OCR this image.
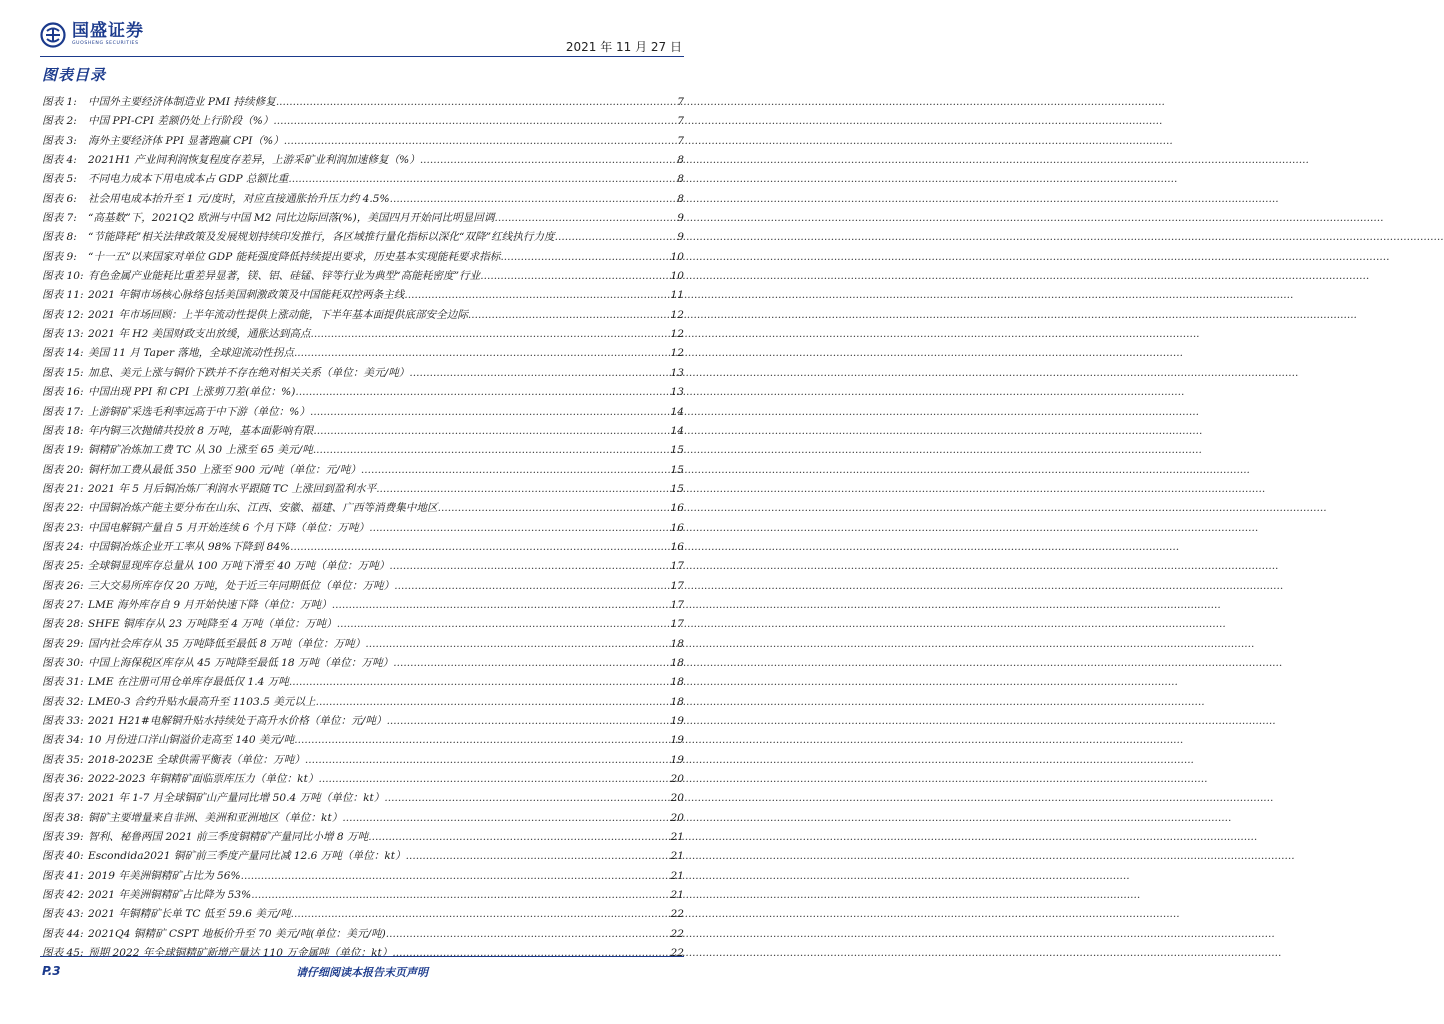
国盛证券
GUOSHENG SECURITIES	2021 年 11 月 27 日
图表目录
图表 1:	中国外主要经济体制造业 PMI 持续修复 .....	7
图表 2:	中国 PPI-CPI 差额仍处上行阶段（%） .....	7
图表 3:	海外主要经济体 PPI 显著跑赢 CPI（%） .....	7
图表 4:	2021H1 产业间利润恢复程度存差异，上游采矿业利润加速修复（%） .....	8
图表 5:	不同电力成本下用电成本占 GDP 总额比重 .....	8
图表 6:	社会用电成本抬升至 1 元/度时，对应直接通胀抬升压力约 4.5% .....	8
图表 7:	“高基数”下，2021Q2 欧洲与中国 M2 同比边际回落(%)，美国四月开始同比明显回调 .....	9
图表 8:	“节能降耗”相关法律政策及发展规划持续印发推行，各区域推行量化指标以深化“双降”红线执行力度 .....	9
图表 9:	“十一五”以来国家对单位 GDP 能耗强度降低持续提出要求，历史基本实现能耗要求指标 .....	10
图表 10: 有色金属产业能耗比重差异显著，镁、铝、硅锰、锌等行业为典型“高能耗密度”行业 .....	10
图表 11: 2021 年铜市场核心脉络包括美国刺激政策及中国能耗双控两条主线 .....	11
图表 12: 2021 年市场回顾：上半年流动性提供上涨动能，下半年基本面提供底部安全边际 .....	12
图表 13: 2021 年 H2 美国财政支出放缓，通胀达到高点 .....	12
图表 14: 美国 11 月 Taper 落地，全球迎流动性拐点 .....	12
图表 15: 加息、美元上涨与铜价下跌并不存在绝对相关关系（单位：美元/吨） .....	13
图表 16: 中国出现 PPI 和 CPI 上涨剪刀差(单位：%) .....	13
图表 17: 上游铜矿采选毛利率远高于中下游（单位：%） .....	14
图表 18: 年内铜三次抛储共投放 8 万吨，基本面影响有限 .....	14
图表 19: 铜精矿冶炼加工费 TC 从 30 上涨至 65 美元/吨 .....	15
图表 20: 铜杆加工费从最低 350 上涨至 900 元/吨（单位：元/吨） .....	15
图表 21: 2021 年 5 月后铜冶炼厂利润水平跟随 TC 上涨回到盈利水平 .....	15
图表 22: 中国铜冶炼产能主要分布在山东、江西、安徽、福建、广西等消费集中地区 .....	16
图表 23: 中国电解铜产量自 5 月开始连续 6 个月下降（单位：万吨） .....	16
图表 24: 中国铜冶炼企业开工率从 98%下降到 84% .....	16
图表 25: 全球铜显现库存总量从 100 万吨下滑至 40 万吨（单位：万吨） .....	17
图表 26: 三大交易所库存仅 20 万吨，处于近三年同期低位（单位：万吨） .....	17
图表 27: LME 海外库存自 9 月开始快速下降（单位：万吨） .....	17
图表 28: SHFE 铜库存从 23 万吨降至 4 万吨（单位：万吨） .....	17
图表 29: 国内社会库存从 35 万吨降低至最低 8 万吨（单位：万吨） .....	18
图表 30: 中国上海保税区库存从 45 万吨降至最低 18 万吨（单位：万吨） .....	18
图表 31: LME 在注册可用仓单库存最低仅 1.4 万吨 .....	18
图表 32: LME0-3 合约升贴水最高升至 1103.5 美元以上 .....	18
图表 33: 2021 H21#电解铜升贴水持续处于高升水价格（单位：元/吨） .....	19
图表 34: 10 月份进口洋山铜溢价走高至 140 美元/吨 .....	19
图表 35: 2018-2023E 全球供需平衡表（单位：万吨） .....	19
图表 36: 2022-2023 年铜精矿面临票库压力（单位：kt） .....	20
图表 37: 2021 年 1-7 月全球铜矿山产量同比增 50.4 万吨（单位：kt） .....	20
图表 38: 铜矿主要增量来自非洲、美洲和亚洲地区（单位：kt） .....	20
图表 39: 智利、秘鲁两国 2021 前三季度铜精矿产量同比小增 8 万吨 .....	21
图表 40: Escondida2021 铜矿前三季度产量同比减 12.6 万吨（单位：kt） .....	21
图表 41: 2019 年美洲铜精矿占比为 56% .....	21
图表 42: 2021 年美洲铜精矿占比降为 53% .....	21
图表 43: 2021 年铜精矿长单 TC 低至 59.6 美元/吨 .....	22
图表 44: 2021Q4 铜精矿 CSPT 地板价升至 70 美元/吨(单位：美元/吨) .....	22
图表 45: 预期 2022 年全球铜精矿新增产量达 110 万金属吨（单位：kt） .....	22
P.3	请仔细阅读本报告末页声明
